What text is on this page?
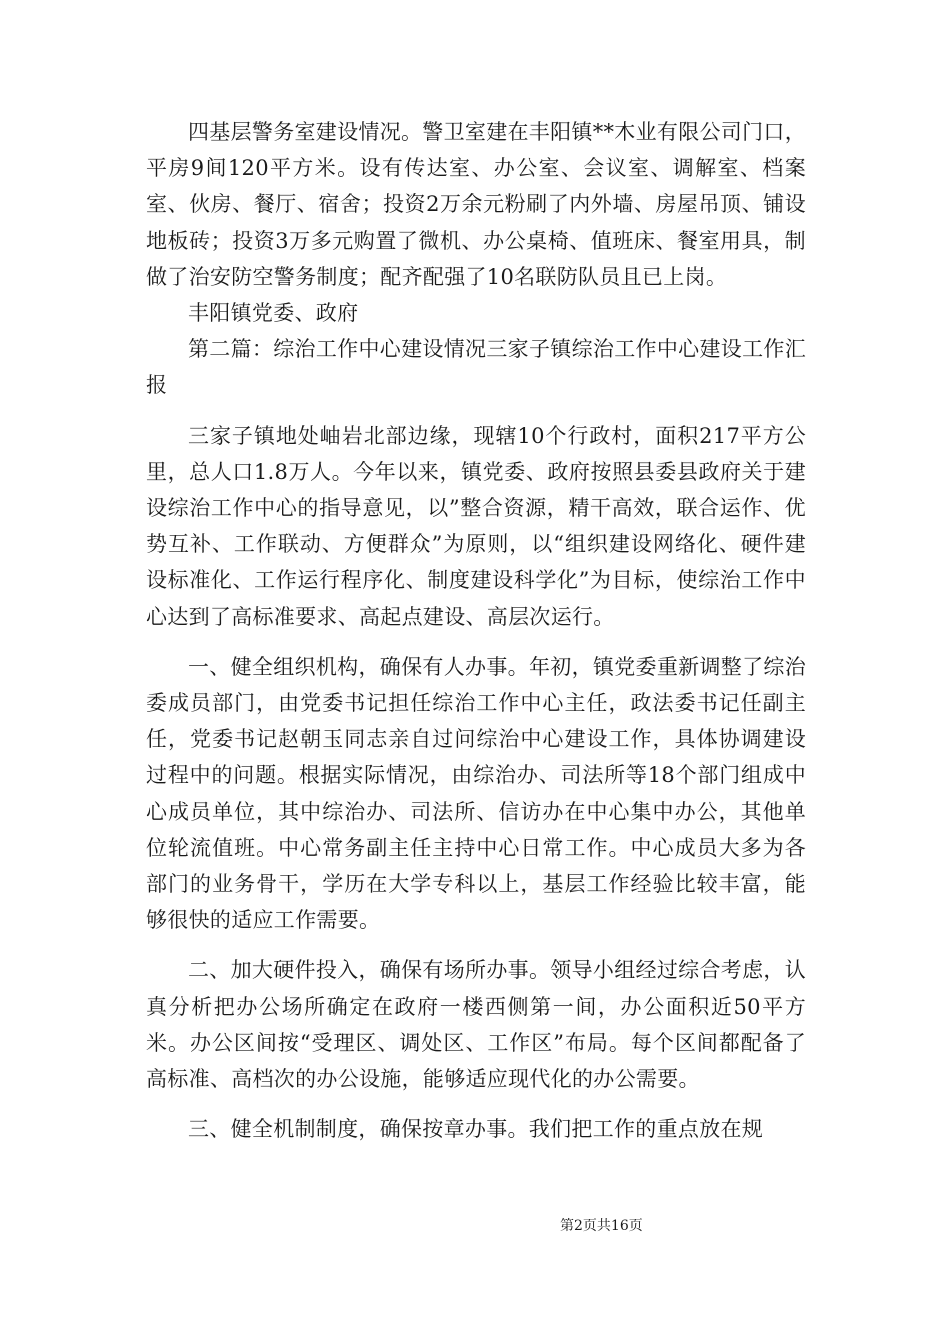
四基层警务室建设情况。警卫室建在丰阳镇**木业有限公司门口，平房9间120平方米。设有传达室、办公室、会议室、调解室、档案室、伙房、餐厅、宿舍；投资2万余元粉刷了内外墙、房屋吊顶、铺设地板砖；投资3万多元购置了微机、办公桌椅、值班床、餐室用具，制做了治安防空警务制度；配齐配强了10名联防队员且已上岗。

丰阳镇党委、政府

第二篇：综治工作中心建设情况三家子镇综治工作中心建设工作汇报

三家子镇地处岫岩北部边缘，现辖10个行政村，面积217平方公里，总人口1.8万人。今年以来，镇党委、政府按照县委县政府关于建设综治工作中心的指导意见，以”整合资源，精干高效，联合运作、优势互补、工作联动、方便群众”为原则，以“组织建设网络化、硬件建设标准化、工作运行程序化、制度建设科学化”为目标，使综治工作中心达到了高标准要求、高起点建设、高层次运行。

一、健全组织机构，确保有人办事。年初，镇党委重新调整了综治委成员部门，由党委书记担任综治工作中心主任，政法委书记任副主任，党委书记赵朝玉同志亲自过问综治中心建设工作，具体协调建设过程中的问题。根据实际情况，由综治办、司法所等18个部门组成中心成员单位，其中综治办、司法所、信访办在中心集中办公，其他单位轮流值班。中心常务副主任主持中心日常工作。中心成员大多为各部门的业务骨干，学历在大学专科以上，基层工作经验比较丰富，能够很快的适应工作需要。

二、加大硬件投入，确保有场所办事。领导小组经过综合考虑，认真分析把办公场所确定在政府一楼西侧第一间，办公面积近50平方米。办公区间按“受理区、调处区、工作区”布局。每个区间都配备了高标准、高档次的办公设施，能够适应现代化的办公需要。

三、健全机制制度，确保按章办事。我们把工作的重点放在规

第2页共16页
